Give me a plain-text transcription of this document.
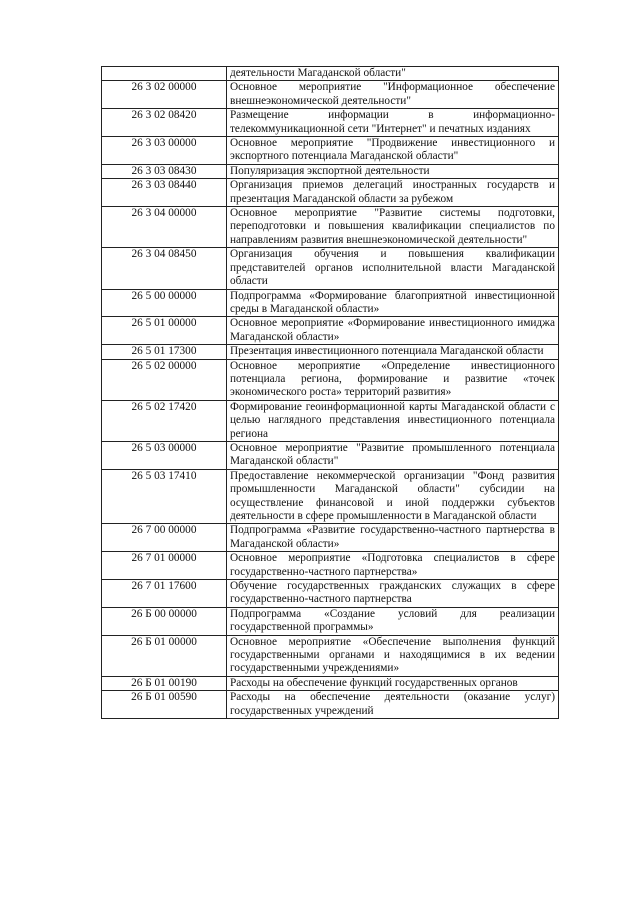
	деятельности Магаданской области"
26 3 02 00000	Основное мероприятие "Информационное обеспечение внешнеэкономической деятельности"
26 3 02 08420	Размещение информации в информационно-телекоммуникационной сети "Интернет" и печатных изданиях
26 3 03 00000	Основное мероприятие "Продвижение инвестиционного и экспортного потенциала Магаданской области"
26 3 03 08430	Популяризация экспортной деятельности
26 3 03 08440	Организация приемов делегаций иностранных государств и презентация Магаданской области за рубежом
26 3 04 00000	Основное мероприятие "Развитие системы подготовки, переподготовки и повышения квалификации специалистов по направлениям развития внешнеэкономической деятельности"
26 3 04 08450	Организация обучения и повышения квалификации представителей органов исполнительной власти Магаданской области
26 5 00 00000	Подпрограмма «Формирование благоприятной инвестиционной среды в Магаданской области»
26 5 01 00000	Основное мероприятие «Формирование инвестиционного имиджа Магаданской области»
26 5 01 17300	Презентация инвестиционного потенциала Магаданской области
26 5 02 00000	Основное мероприятие «Определение инвестиционного потенциала региона, формирование и развитие «точек экономического роста» территорий развития»
26 5 02 17420	Формирование геоинформационной карты Магаданской области с целью наглядного представления инвестиционного потенциала региона
26 5 03 00000	Основное мероприятие "Развитие промышленного потенциала Магаданской области"
26 5 03 17410	Предоставление некоммерческой организации "Фонд развития промышленности Магаданской области" субсидии на осуществление финансовой и иной поддержки субъектов деятельности в сфере промышленности в Магаданской области
26 7 00 00000	Подпрограмма «Развитие государственно-частного партнерства в Магаданской области»
26 7 01 00000	Основное мероприятие «Подготовка специалистов в сфере государственно-частного партнерства»
26 7 01 17600	Обучение государственных гражданских служащих в сфере государственно-частного партнерства
26 Б 00 00000	Подпрограмма «Создание условий для реализации государственной программы»
26 Б 01 00000	Основное мероприятие «Обеспечение выполнения функций государственными органами и находящимися в их ведении государственными учреждениями»
26 Б 01 00190	Расходы на обеспечение функций государственных органов
26 Б 01 00590	Расходы на обеспечение деятельности (оказание услуг) государственных учреждений
